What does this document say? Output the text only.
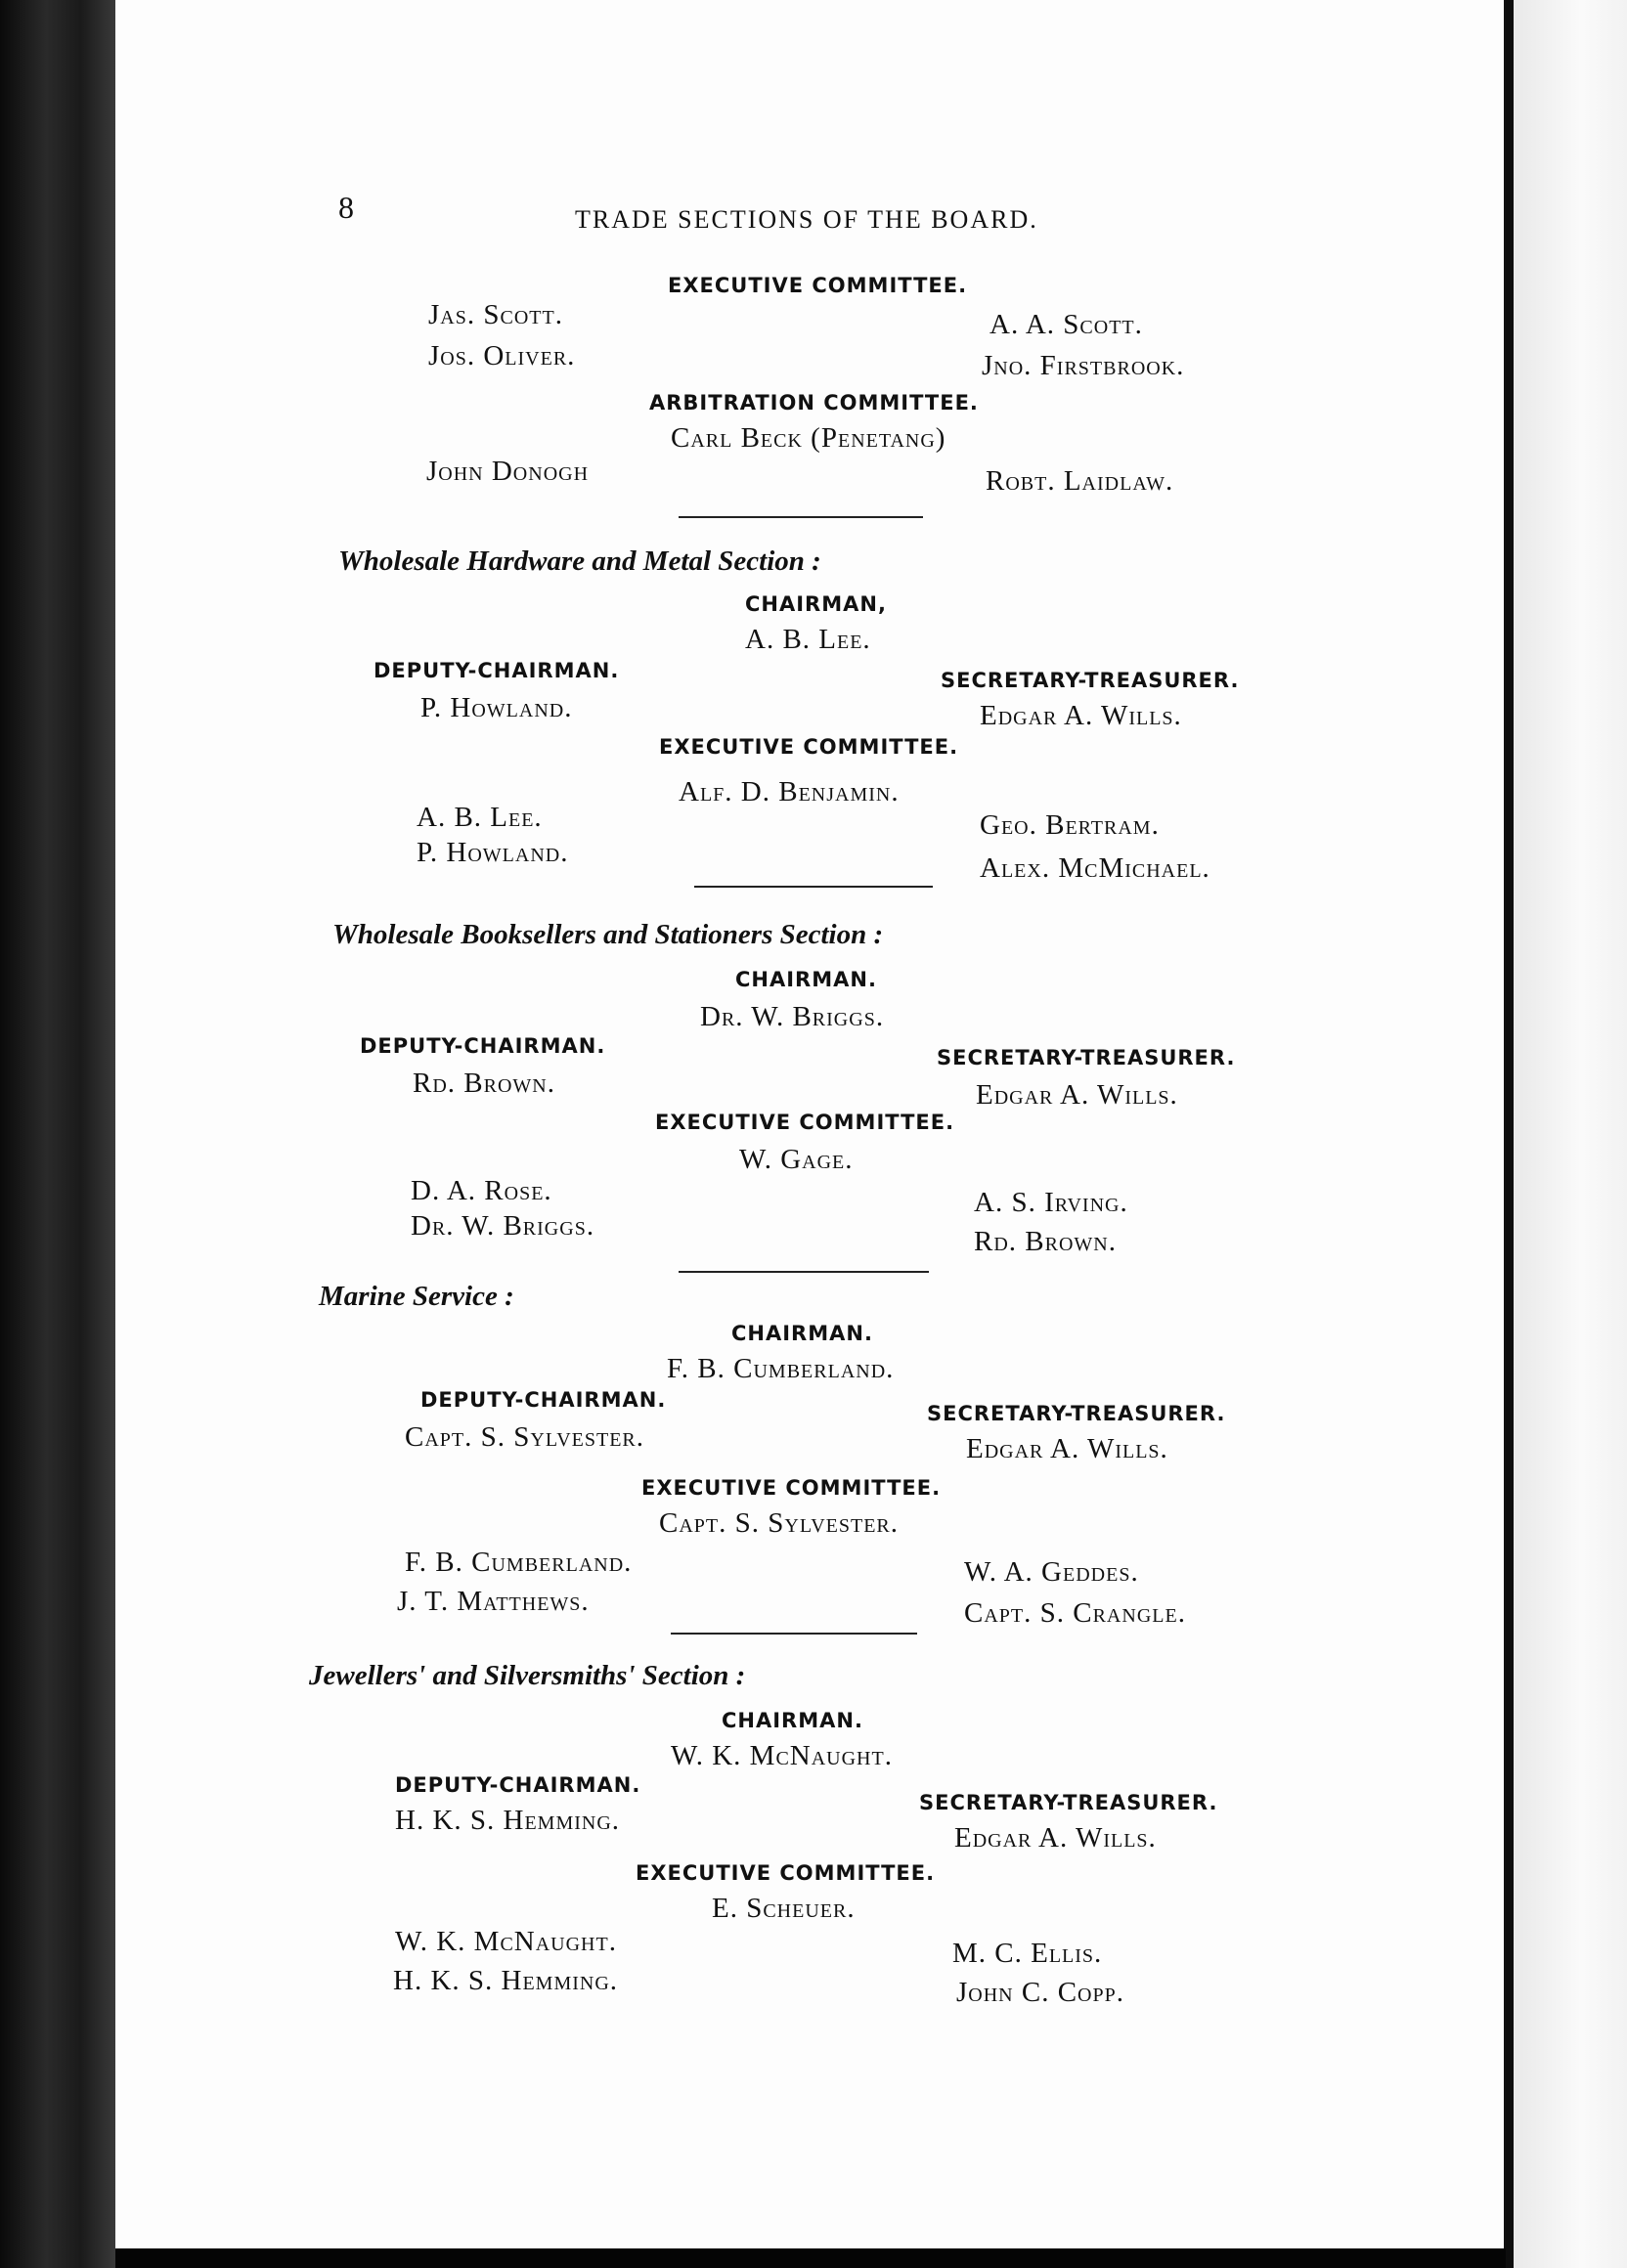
8	TRADE SECTIONS OF THE BOARD.
EXECUTIVE COMMITTEE.
Jas. Scott.
Jos. Oliver.
A. A. Scott.
Jno. Firstbrook.
ARBITRATION COMMITTEE.
Carl Beck (Penetang)
John Donogh	Robt. Laidlaw.
Wholesale Hardware and Metal Section :
CHAIRMAN,
A. B. Lee.
DEPUTY-CHAIRMAN.
P. Howland.
SECRETARY-TREASURER.
Edgar A. Wills.
EXECUTIVE COMMITTEE.
Alf. D. Benjamin.
A. B. Lee.
P. Howland.
Geo. Bertram.
Alex. McMichael.
Wholesale Booksellers and Stationers Section :
CHAIRMAN.
Dr. W. Briggs.
DEPUTY-CHAIRMAN.
Rd. Brown.
SECRETARY-TREASURER.
Edgar A. Wills.
EXECUTIVE COMMITTEE.
W. Gage.
D. A. Rose.
Dr. W. Briggs.
A. S. Irving.
Rd. Brown.
Marine Service :
CHAIRMAN.
F. B. Cumberland.
DEPUTY-CHAIRMAN.
Capt. S. Sylvester.
SECRETARY-TREASURER.
Edgar A. Wills.
EXECUTIVE COMMITTEE.
Capt. S. Sylvester.
F. B. Cumberland.
J. T. Matthews.
W. A. Geddes.
Capt. S. Crangle.
Jewellers' and Silversmiths' Section :
CHAIRMAN.
W. K. McNaught.
DEPUTY-CHAIRMAN.
H. K. S. Hemming.
SECRETARY-TREASURER.
Edgar A. Wills.
EXECUTIVE COMMITTEE.
E. Scheuer.
W. K. McNaught.
H. K. S. Hemming.
M. C. Ellis.
John C. Copp.
